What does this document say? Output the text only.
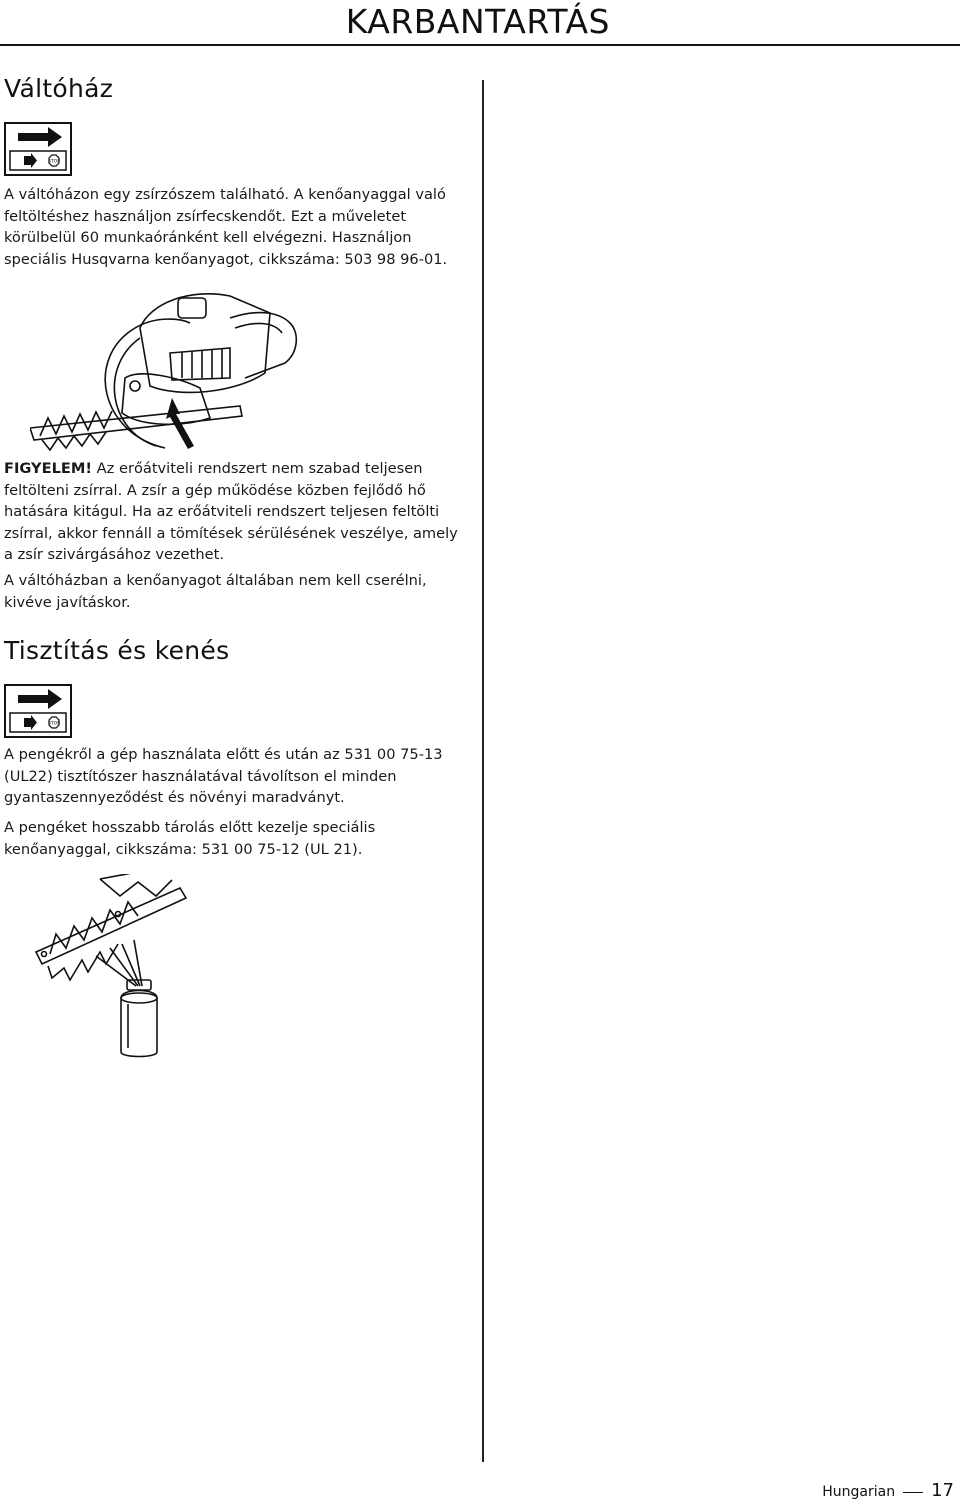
KARBANTARTÁS
Váltóház
STOP

A váltóházon egy zsírzószem található. A kenőanyaggal való feltöltéshez használjon zsírfecskendőt. Ezt a műveletet körülbelül 60 munkaóránként kell elvégezni. Használjon speciális Husqvarna kenőanyagot, cikkszáma: 503 98 96-01.

FIGYELEM! Az erőátviteli rendszert nem szabad teljesen feltölteni zsírral. A zsír a gép működése közben fejlődő hő hatására kitágul. Ha az erőátviteli rendszert teljesen feltölti zsírral, akkor fennáll a tömítések sérülésének veszélye, amely a zsír szivárgásához vezethet.

A váltóházban a kenőanyagot általában nem kell cserélni, kivéve javításkor.

Tisztítás és kenés
STOP

A pengékről a gép használata előtt és után az 531 00 75-13 (UL22) tisztítószer használatával távolítson el minden gyantaszennyeződést és növényi maradványt.

A pengéket hosszabb tárolás előtt kezelje speciális kenőanyaggal, cikkszáma: 531 00 75-12 (UL 21).

Hungarian 17
